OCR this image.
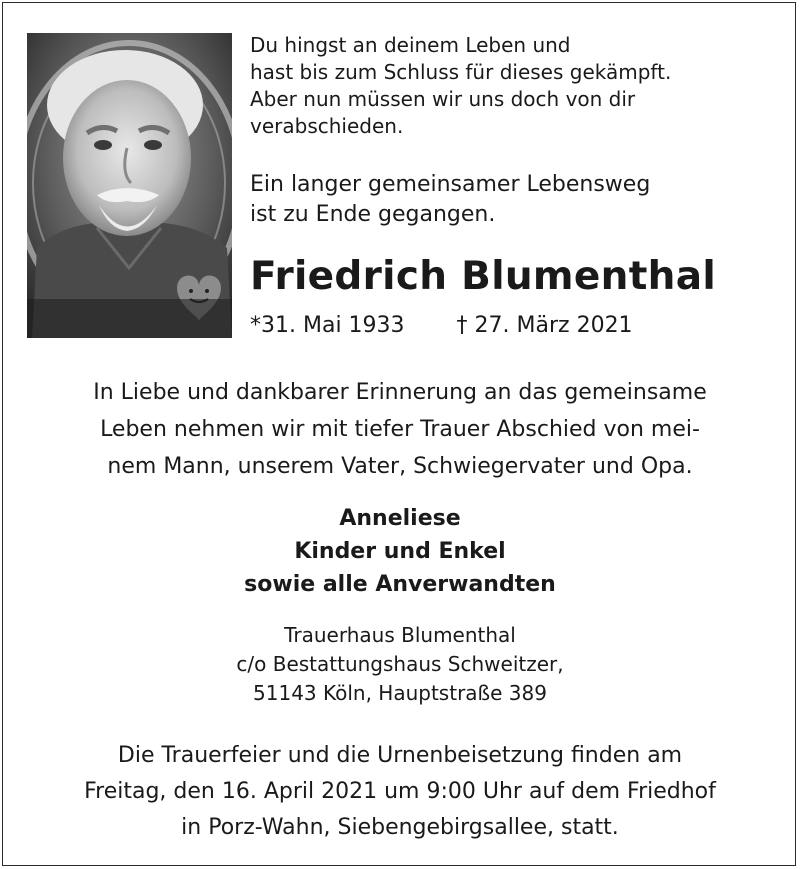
Du hingst an deinem Leben und
hast bis zum Schluss für dieses gekämpft.
Aber nun müssen wir uns doch von dir
verabschieden.
Ein langer gemeinsamer Lebensweg
ist zu Ende gegangen.
Friedrich Blumenthal
*31. Mai 1933 † 27. März 2021

In Liebe und dankbarer Erinnerung an das gemeinsame
Leben nehmen wir mit tiefer Trauer Abschied von mei-
nem Mann, unserem Vater, Schwiegervater und Opa.

Anneliese
Kinder und Enkel
sowie alle Anverwandten

Trauerhaus Blumenthal
c/o Bestattungshaus Schweitzer,
51143 Köln, Hauptstraße 389

Die Trauerfeier und die Urnenbeisetzung finden am
Freitag, den 16. April 2021 um 9:00 Uhr auf dem Friedhof
in Porz-Wahn, Siebengebirgsallee, statt.
